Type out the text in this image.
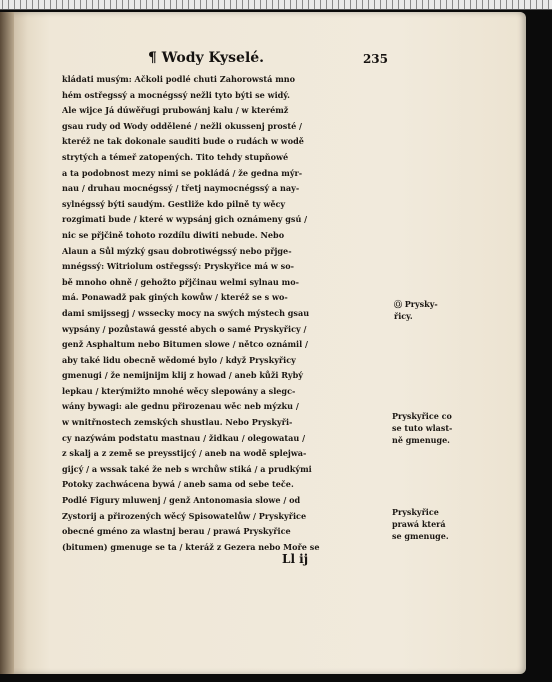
¶ Wody Kyselé.	235
kládati musým: Ačkoli podlé chuti Zahorowstá mno
hém ostřegssý a mocnégssý nežli tyto býti se widý.
Ale wijce Já dúwěřugi prubowánj kalu / w kterémž
gsau rudy od Wody oddělené / nežli okussenj prosté /
kteréž ne tak dokonale sauditi bude o rudách w wodě
strytých a témeř zatopených. Tito tehdy stupňowé
a ta podobnost mezy nimi se pokládá / že gedna mýr-
nau / druhau mocnégssý / třetj naymocnégssý a nay-
sylnégssý býti saudým. Gestliže kdo pilně ty wěcy
rozgimati bude / které w wypsánj gich oznámeny gsú /
nic se přjčině tohoto rozdílu diwiti nebude. Nebo
Alaun a Sůl mýzký gsau dobrotiwégssý nebo přjge-
mnégssý: Witriolum ostřegssý: Pryskyřice má w so-
bě mnoho ohně / gehožto přjčinau welmi sylnau mo-
má. Ponawadž pak giných kowůw / kteréž se s wo-
dami smijssegj / wssecky mocy na swých mýstech gsau
wypsány / pozůstawá gessté abych o samé Pryskyřicy /
genž Asphaltum nebo Bitumen slowe / nětco oznámil /
aby také lidu obecně wědomé bylo / když Pryskyřicy
gmenugi / že nemijnijm klij z howad / aneb kůži Rybý
lepkau / kterýmižto mnohé wěcy slepowány a slegc-
wány bywagi: ale gednu přirozenau wěc neb mýzku /
w wnitřnostech zemských shustlau. Nebo Pryskyři-
cy nazýwám podstatu mastnau / židkau / olegowatau /
z skalj a z země se preysstijcý / aneb na wodě splejwa-
gijcý / a wssak také že neb s wrchůw stiká / a prudkými
Potoky zachwácena bywá / aneb sama od sebe teče.
Podlé Figury mluwenj / genž Antonomasia slowe / od
Zystorij a přirozených wěcý Spisowatelůw / Pryskyřice
obecné gméno za wlastnj berau / prawá Pryskyřice
(bitumen) gmenuge se ta / kteráž z Gezera nebo Moře se
Ⓞ Prysky-
řicy.
Pryskyřice co
se tuto wlast-
ně gmenuge.
Pryskyřice
prawá která
se gmenuge.
Ll ij
